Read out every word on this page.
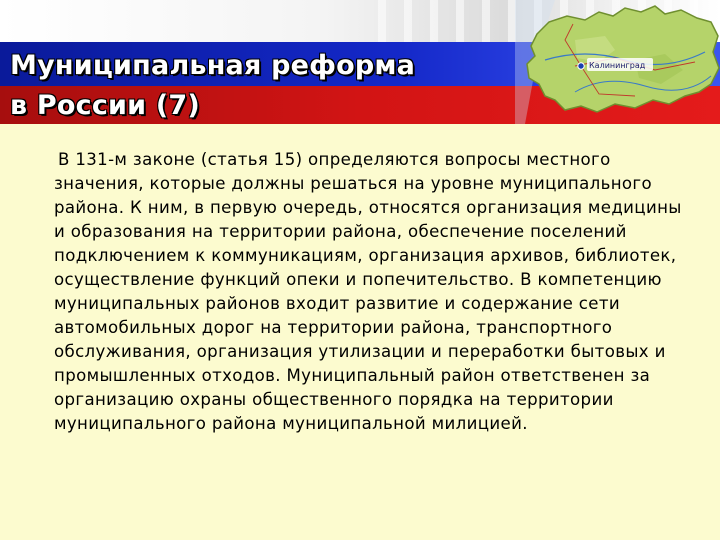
Муниципальная реформа
в России (7)
Калининград

В 131-м законе (статья 15) определяются вопросы местного значения, которые должны решаться на уровне муниципального района. К ним, в первую очередь, относятся организация медицины и образования на территории района, обеспечение поселений подключением к коммуникациям, организация архивов, библиотек, осуществление функций опеки и попечительство. В компетенцию муниципальных районов входит развитие и содержание сети автомобильных дорог на территории района, транспортного обслуживания, организация утилизации и переработки бытовых и промышленных отходов. Муниципальный район ответственен за организацию охраны общественного порядка на территории муниципального района муниципальной милицией.
